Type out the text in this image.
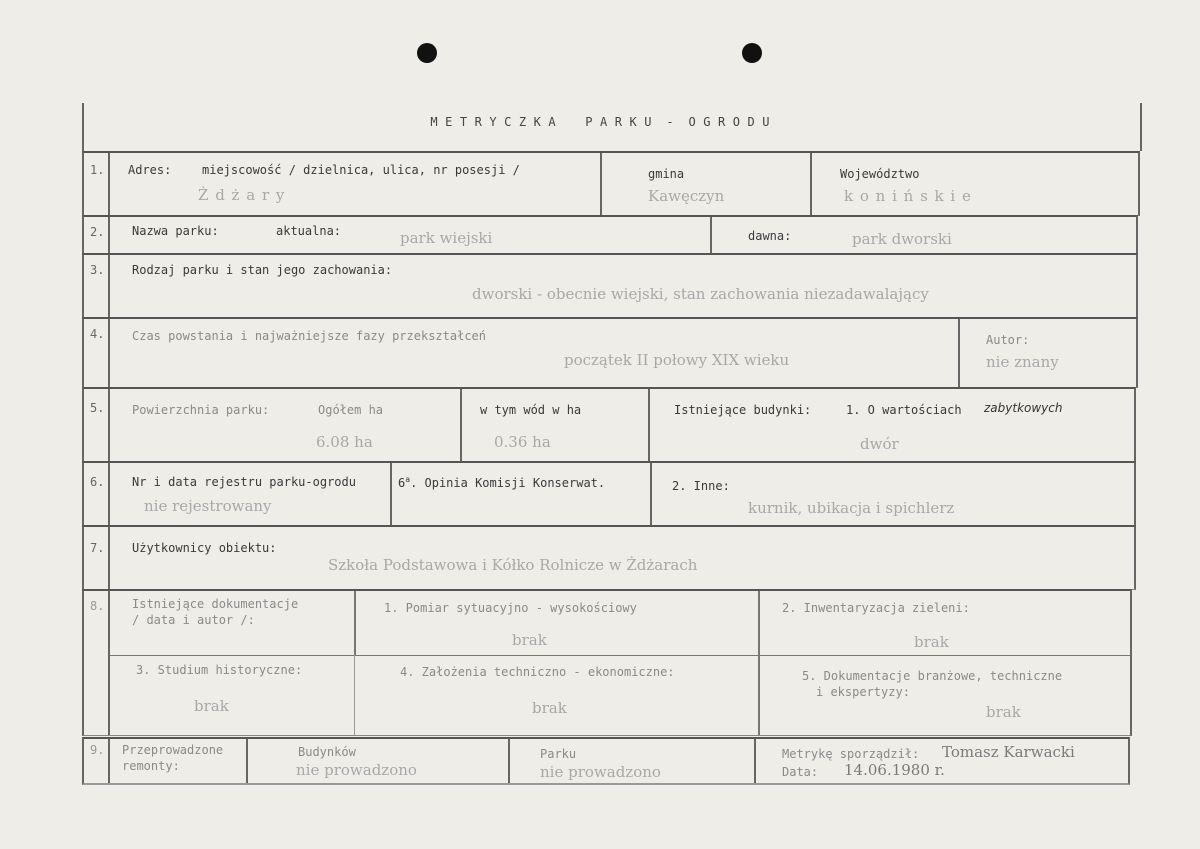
M E T R Y C Z K A    P A R K U  -  O G R O D U
1. Adres:	miejscowość / dzielnica, ulica, nr posesji /
Ż d ż a r y
gmina
Kawęczyn
Województwo
k o n i ń s k i e
2. Nazwa parku:	aktualna:	park wiejski	dawna:	park dworski
3. Rodzaj parku i stan jego zachowania:
dworski - obecnie wiejski, stan zachowania niezadawalający
4. Czas powstania i najważniejsze fazy przekształceń
początek II połowy XIX wieku
Autor:
nie znany
5. Powierzchnia parku:	Ogółem ha
6.08 ha
w tym wód w ha
0.36 ha
Istniejące budynki:	1. O wartościach zabytkowych
dwór
6. Nr i data rejestru parku-ogrodu
nie rejestrowany
6$^a$. Opinia Komisji Konserwat.	2. Inne:
kurnik, ubikacja i spichlerz
7. Użytkownicy obiektu:
Szkoła Podstawowa i Kółko Rolnicze w Żdżarach
8. Istniejące dokumentacje
/ data i autor /:
1. Pomiar sytuacyjno - wysokościowy
brak
2. Inwentaryzacja zieleni:
brak
3. Studium historyczne:
brak
4. Założenia techniczno - ekonomiczne:
brak
5. Dokumentacje branżowe, techniczne
i ekspertyzy:
brak
9. Przeprowadzone
remonty:
Budynków
nie prowadzono
Parku
nie prowadzono
Metrykę sporządził: Tomasz Karwacki
Data: 14.06.1980 r.
